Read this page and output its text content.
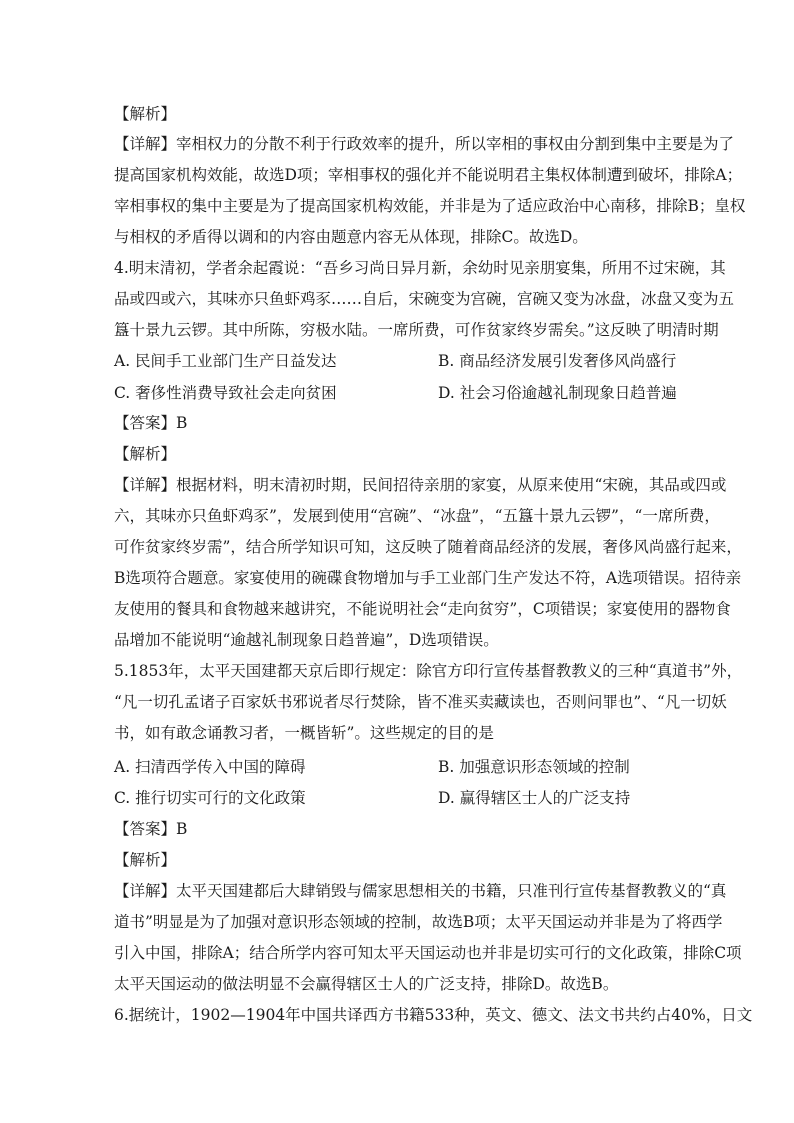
【解析】
【详解】宰相权力的分散不利于行政效率的提升，所以宰相的事权由分割到集中主要是为了
提高国家机构效能，故选D项；宰相事权的强化并不能说明君主集权体制遭到破坏，排除A；
宰相事权的集中主要是为了提高国家机构效能，并非是为了适应政治中心南移，排除B；皇权
与相权的矛盾得以调和的内容由题意内容无从体现，排除C。故选D。
4.明末清初，学者余起霞说：“吾乡习尚日异月新，余幼时见亲朋宴集，所用不过宋碗，其
品或四或六，其味亦只鱼虾鸡豕……自后，宋碗变为宫碗，宫碗又变为冰盘，冰盘又变为五
簋十景九云锣。其中所陈，穷极水陆。一席所费，可作贫家终岁需矣。”这反映了明清时期
A. 民间手工业部门生产日益发达	B. 商品经济发展引发奢侈风尚盛行
C. 奢侈性消费导致社会走向贫困	D. 社会习俗逾越礼制现象日趋普遍
【答案】B
【解析】
【详解】根据材料，明末清初时期，民间招待亲朋的家宴，从原来使用“宋碗，其品或四或
六，其味亦只鱼虾鸡豕”，发展到使用“宫碗”、“冰盘”，“五簋十景九云锣”，“一席所费，
可作贫家终岁需”，结合所学知识可知，这反映了随着商品经济的发展，奢侈风尚盛行起来，
B选项符合题意。家宴使用的碗碟食物增加与手工业部门生产发达不符，A选项错误。招待亲
友使用的餐具和食物越来越讲究，不能说明社会“走向贫穷”，C项错误；家宴使用的器物食
品增加不能说明“逾越礼制现象日趋普遍”，D选项错误。
5.1853年，太平天国建都天京后即行规定：除官方印行宣传基督教教义的三种“真道书”外，
“凡一切孔孟诸子百家妖书邪说者尽行焚除，皆不准买卖藏读也，否则问罪也”、“凡一切妖
书，如有敢念诵教习者，一概皆斩”。这些规定的目的是
A. 扫清西学传入中国的障碍	B. 加强意识形态领域的控制
C. 推行切实可行的文化政策	D. 赢得辖区士人的广泛支持
【答案】B
【解析】
【详解】太平天国建都后大肆销毁与儒家思想相关的书籍，只准刊行宣传基督教教义的“真
道书”明显是为了加强对意识形态领域的控制，故选B项；太平天国运动并非是为了将西学
引入中国，排除A；结合所学内容可知太平天国运动也并非是切实可行的文化政策，排除C项
太平天国运动的做法明显不会赢得辖区士人的广泛支持，排除D。故选B。
6.据统计，1902—1904年中国共译西方书籍533种，英文、德文、法文书共约占40%，日文
